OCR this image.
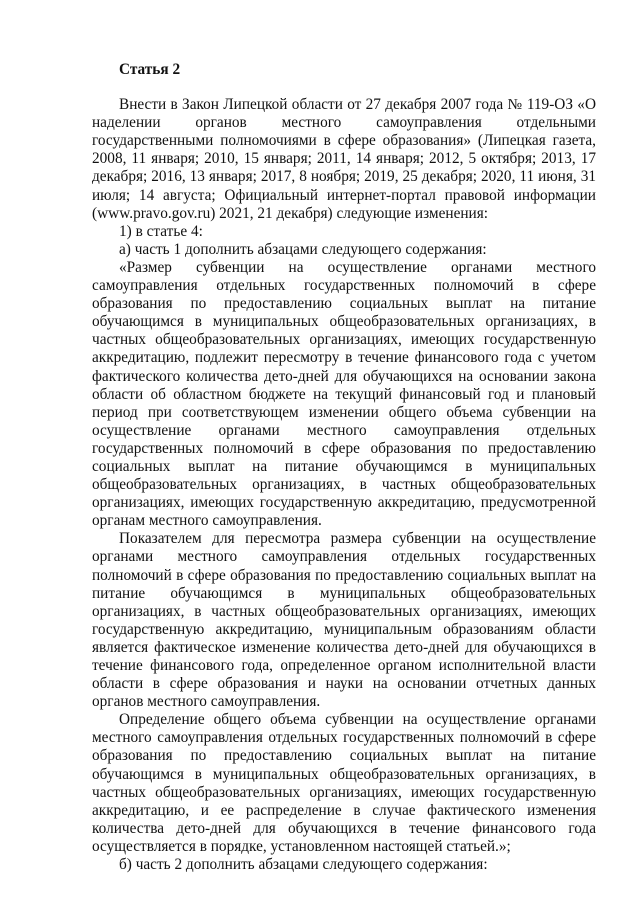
Статья 2

Внести в Закон Липецкой области от 27 декабря 2007 года № 119-ОЗ «О наделении органов местного самоуправления отдельными государственными полномочиями в сфере образования» (Липецкая газета, 2008, 11 января; 2010, 15 января; 2011, 14 января; 2012, 5 октября; 2013, 17 декабря; 2016, 13 января; 2017, 8 ноября; 2019, 25 декабря; 2020, 11 июня, 31 июля; 14 августа; Официальный интернет-портал правовой информации (www.pravo.gov.ru) 2021, 21 декабря) следующие изменения:

1) в статье 4:

а) часть 1 дополнить абзацами следующего содержания:

«Размер субвенции на осуществление органами местного самоуправления отдельных государственных полномочий в сфере образования по предоставлению социальных выплат на питание обучающимся в муниципальных общеобразовательных организациях, в частных общеобразовательных организациях, имеющих государственную аккредитацию, подлежит пересмотру в течение финансового года с учетом фактического количества дето-дней для обучающихся на основании закона области об областном бюджете на текущий финансовый год и плановый период при соответствующем изменении общего объема субвенции на осуществление органами местного самоуправления отдельных государственных полномочий в сфере образования по предоставлению социальных выплат на питание обучающимся в муниципальных общеобразовательных организациях, в частных общеобразовательных организациях, имеющих государственную аккредитацию, предусмотренной органам местного самоуправления.

Показателем для пересмотра размера субвенции на осуществление органами местного самоуправления отдельных государственных полномочий в сфере образования по предоставлению социальных выплат на питание обучающимся в муниципальных общеобразовательных организациях, в частных общеобразовательных организациях, имеющих государственную аккредитацию, муниципальным образованиям области является фактическое изменение количества дето-дней для обучающихся в течение финансового года, определенное органом исполнительной власти области в сфере образования и науки на основании отчетных данных органов местного самоуправления.

Определение общего объема субвенции на осуществление органами местного самоуправления отдельных государственных полномочий в сфере образования по предоставлению социальных выплат на питание обучающимся в муниципальных общеобразовательных организациях, в частных общеобразовательных организациях, имеющих государственную аккредитацию, и ее распределение в случае фактического изменения количества дето-дней для обучающихся в течение финансового года осуществляется в порядке, установленном настоящей статьей.»;

б) часть 2 дополнить абзацами следующего содержания:
